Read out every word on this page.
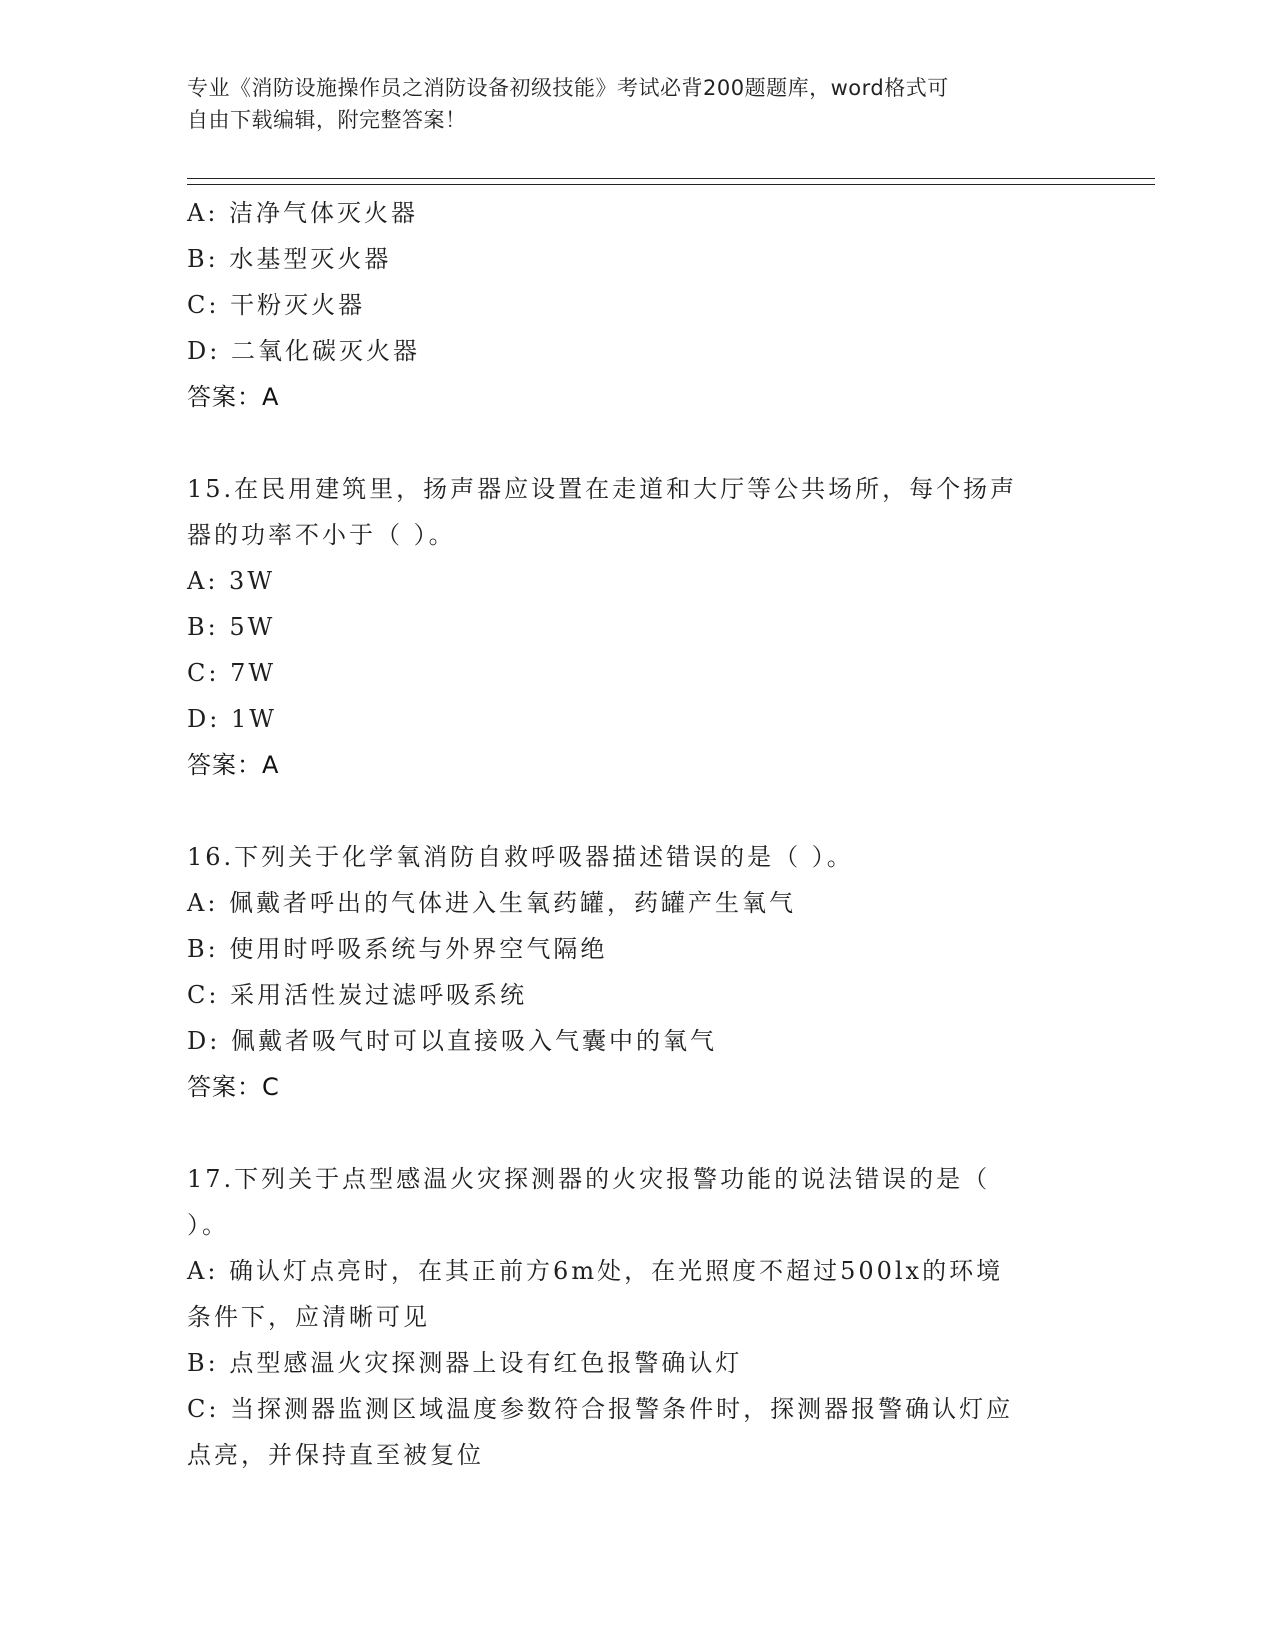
专业《消防设施操作员之消防设备初级技能》考试必背200题题库，word格式可
自由下载编辑，附完整答案！
A: 洁净气体灭火器
B: 水基型灭火器
C: 干粉灭火器
D: 二氧化碳灭火器
答案：A
15.在民用建筑里，扬声器应设置在走道和大厅等公共场所，每个扬声
器的功率不小于（ ）。
A: 3W
B: 5W
C: 7W
D: 1W
答案：A
16.下列关于化学氧消防自救呼吸器描述错误的是（ ）。
A: 佩戴者呼出的气体进入生氧药罐，药罐产生氧气
B: 使用时呼吸系统与外界空气隔绝
C: 采用活性炭过滤呼吸系统
D: 佩戴者吸气时可以直接吸入气囊中的氧气
答案：C
17.下列关于点型感温火灾探测器的火灾报警功能的说法错误的是（
）。
A: 确认灯点亮时，在其正前方6m处，在光照度不超过500lx的环境
条件下，应清晰可见
B: 点型感温火灾探测器上设有红色报警确认灯
C: 当探测器监测区域温度参数符合报警条件时，探测器报警确认灯应
点亮，并保持直至被复位
